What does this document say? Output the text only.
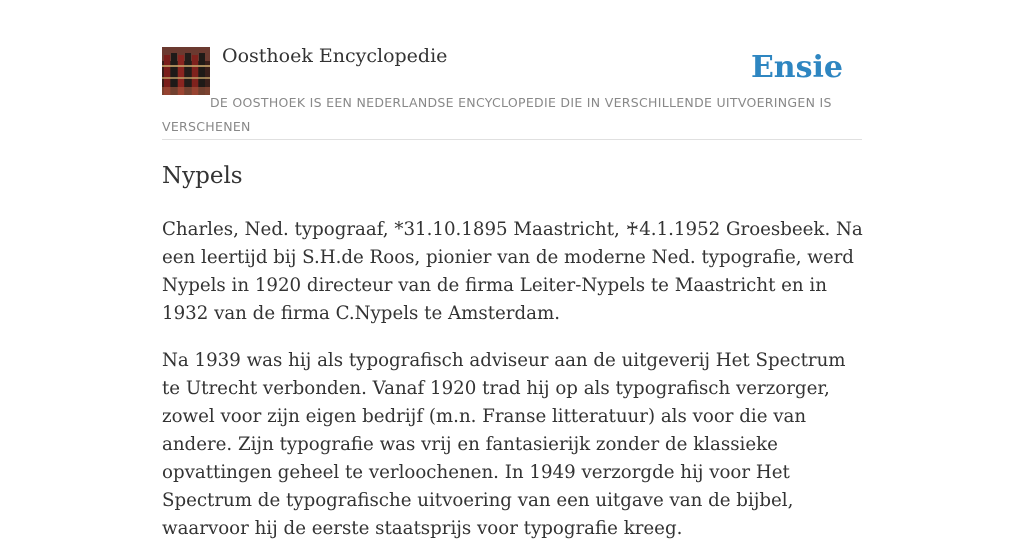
Oosthoek Encyclopedie	Ensie
DE OOSTHOEK IS EEN NEDERLANDSE ENCYCLOPEDIE DIE IN VERSCHILLENDE UITVOERINGEN IS VERSCHENEN
Nypels

Charles, Ned. typograaf, *31.10.1895 Maastricht, ♰4.1.1952 Groesbeek. Na een leertijd bij S.H.de Roos, pionier van de moderne Ned. typografie, werd Nypels in 1920 directeur van de firma Leiter-Nypels te Maastricht en in 1932 van de firma C.Nypels te Amsterdam.

Na 1939 was hij als typografisch adviseur aan de uitgeverij Het Spectrum te Utrecht verbonden. Vanaf 1920 trad hij op als typografisch verzorger, zowel voor zijn eigen bedrijf (m.n. Franse litteratuur) als voor die van andere. Zijn typografie was vrij en fantasierijk zonder de klassieke opvattingen geheel te verloochenen. In 1949 verzorgde hij voor Het Spectrum de typografische uitvoering van een uitgave van de bijbel, waarvoor hij de eerste staatsprijs voor typografie kreeg.
